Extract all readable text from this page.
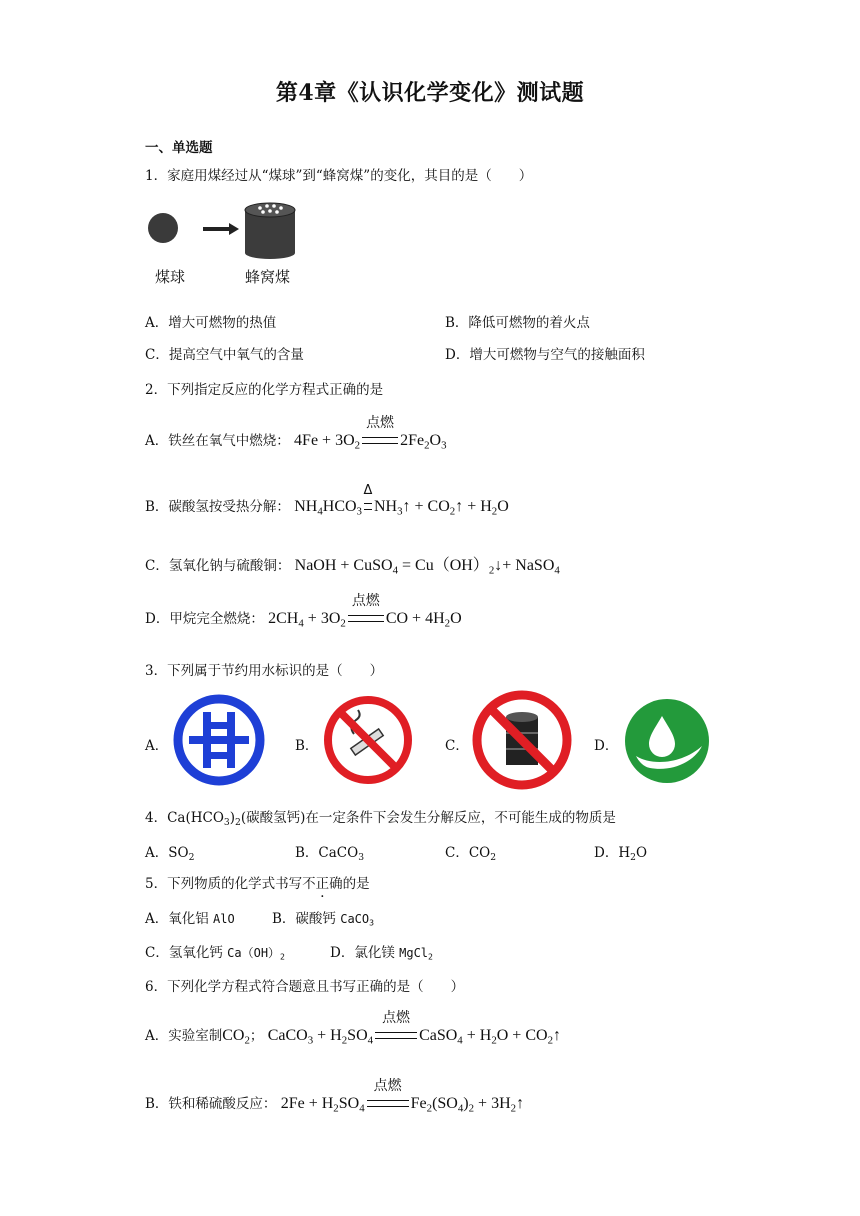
第4章《认识化学变化》测试题
一、单选题
1．家庭用煤经过从“煤球”到“蜂窝煤”的变化，其目的是（　　）
煤球	蜂窝煤
A．增大可燃物的热值	B．降低可燃物的着火点
C．提高空气中氧气的含量	D．增大可燃物与空气的接触面积
2．下列指定反应的化学方程式正确的是
A．铁丝在氧气中燃烧： $4Fe + 3O_2$
点燃
$2Fe_2O_3$
B．碳酸氢按受热分解： $NH_4HCO_3$
Δ
$NH_3↑$ + $CO_2↑ + H_2O$
C．氢氧化钠与硫酸铜： NaOH + CuSO$_4$ = $Cu(OH)_2↓+$ NaSO$_4$
D．甲烷完全燃烧： $2CH_4 + 3O_2$
点燃
CO + $4H_2O$
3．下列属于节约用水标识的是（　　）
A．	B．	C．	D．
4．$Ca(HCO_3)_2$(碳酸氢钙)在一定条件下会发生分解反应，不可能生成的物质是
A．$SO_2$	B．CaCO$_3$	C．$CO_2$	D．$H_2O$
5．下列物质的化学式书写不正确的是
A．氧化铝 AlO	B．碳酸钙 CaCO$_3$
C．氢氧化钙 $Ca(OH)_2$	D．氯化镁 MgCl$_2$
6．下列化学方程式符合题意且书写正确的是（　　）
A．实验室制$CO_2$； CaCO$_3$ + $H_2SO_4$
点燃
CaSO$_4$ + $H_2O$ + $CO_2↑$
B．铁和稀硫酸反应： $2Fe + H_2SO_4$
点燃
$Fe_2(SO_4)_2$ + $3H_2↑$
